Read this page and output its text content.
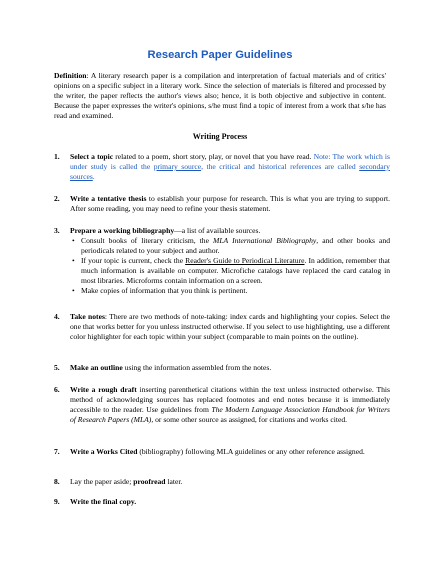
Research Paper Guidelines
Definition: A literary research paper is a compilation and interpretation of factual materials and of critics' opinions on a specific subject in a literary work. Since the selection of materials is filtered and processed by the writer, the paper reflects the author's views also; hence, it is both objective and subjective in content. Because the paper expresses the writer's opinions, s/he must find a topic of interest from a work that s/he has read and examined.
Writing Process
1. Select a topic related to a poem, short story, play, or novel that you have read. Note: The work which is under study is called the primary source, the critical and historical references are called secondary sources.
2. Write a tentative thesis to establish your purpose for research. This is what you are trying to support. After some reading, you may need to refine your thesis statement.
3. Prepare a working bibliography—a list of available sources.
• Consult books of literary criticism, the MLA International Bibliography, and other books and periodicals related to your subject and author.
• If your topic is current, check the Reader's Guide to Periodical Literature. In addition, remember that much information is available on computer. Microfiche catalogs have replaced the card catalog in most libraries. Microforms contain information on a screen.
• Make copies of information that you think is pertinent.
4. Take notes: There are two methods of note-taking: index cards and highlighting your copies. Select the one that works better for you unless instructed otherwise. If you select to use highlighting, use a different color highlighter for each topic within your subject (comparable to main points on the outline).
5. Make an outline using the information assembled from the notes.
6. Write a rough draft inserting parenthetical citations within the text unless instructed otherwise. This method of acknowledging sources has replaced footnotes and end notes because it is immediately accessible to the reader. Use guidelines from The Modern Language Association Handbook for Writers of Research Papers (MLA), or some other source as assigned, for citations and works cited.
7. Write a Works Cited (bibliography) following MLA guidelines or any other reference assigned.
8. Lay the paper aside; proofread later.
9. Write the final copy.
